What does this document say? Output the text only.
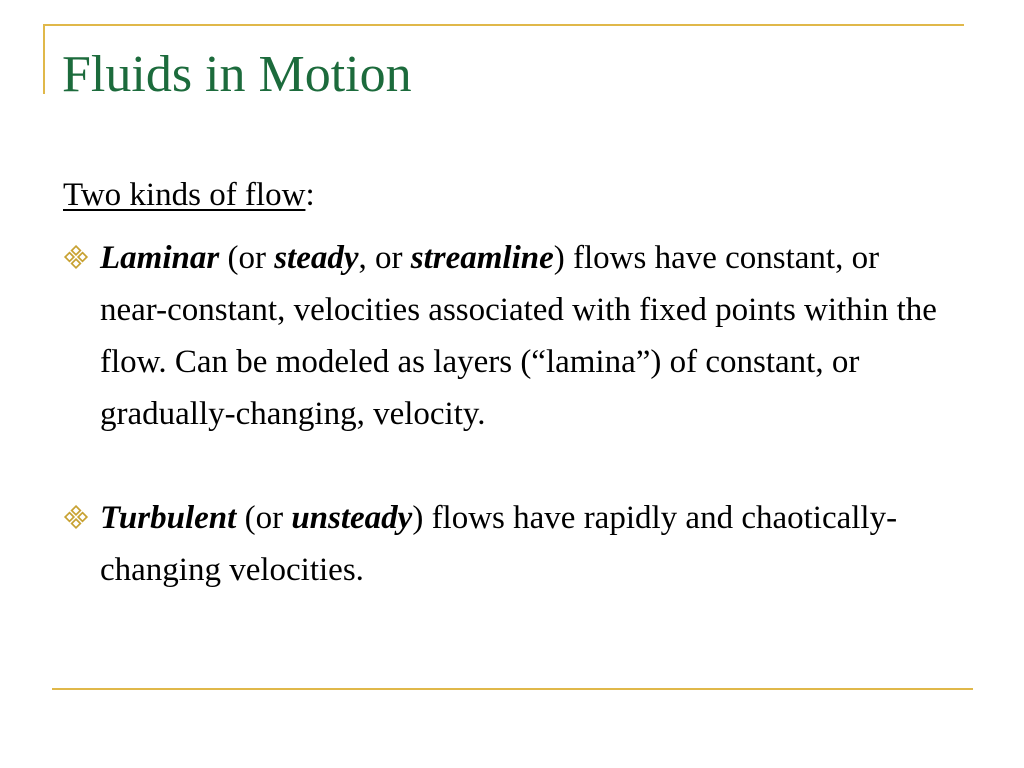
Fluids in Motion
Two kinds of flow:
Laminar (or steady, or streamline) flows have constant, or near-constant, velocities associated with fixed points within the flow. Can be modeled as layers (“lamina”) of constant, or gradually-changing, velocity.
Turbulent (or unsteady) flows have rapidly and chaotically-changing velocities.
